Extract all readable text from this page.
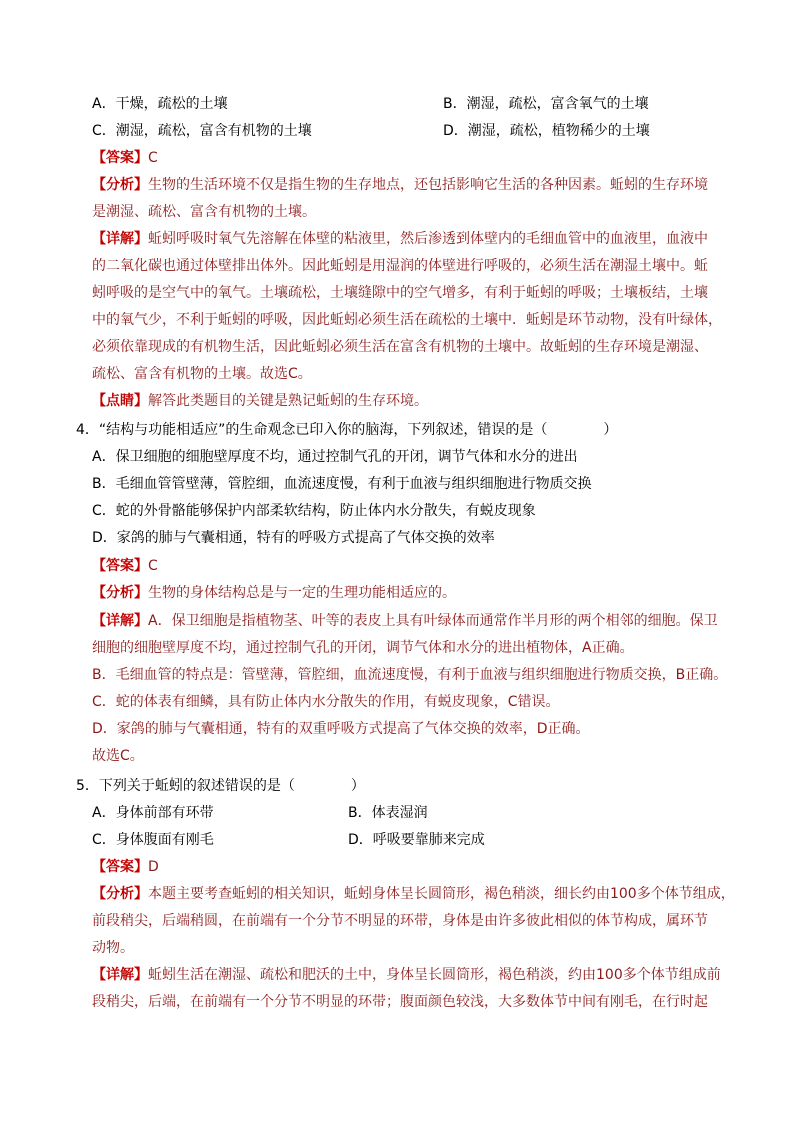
A．干燥，疏松的土壤	B．潮湿，疏松，富含氧气的土壤
C．潮湿，疏松，富含有机物的土壤	D．潮湿，疏松，植物稀少的土壤
【答案】C
【分析】生物的生活环境不仅是指生物的生存地点，还包括影响它生活的各种因素。蚯蚓的生存环境
是潮湿、疏松、富含有机物的土壤。
【详解】蚯蚓呼吸时氧气先溶解在体壁的粘液里，然后渗透到体壁内的毛细血管中的血液里，血液中
的二氧化碳也通过体壁排出体外。因此蚯蚓是用湿润的体壁进行呼吸的，必须生活在潮湿土壤中。蚯
蚓呼吸的是空气中的氧气。土壤疏松，土壤缝隙中的空气增多，有利于蚯蚓的呼吸；土壤板结，土壤
中的氧气少，不利于蚯蚓的呼吸，因此蚯蚓必须生活在疏松的土壤中．蚯蚓是环节动物，没有叶绿体，
必须依靠现成的有机物生活，因此蚯蚓必须生活在富含有机物的土壤中。故蚯蚓的生存环境是潮湿、
疏松、富含有机物的土壤。故选C。
【点睛】解答此类题目的关键是熟记蚯蚓的生存环境。
4．“结构与功能相适应”的生命观念已印入你的脑海，下列叙述，错误的是（　　　　）
A．保卫细胞的细胞壁厚度不均，通过控制气孔的开闭，调节气体和水分的进出
B．毛细血管管壁薄，管腔细，血流速度慢，有利于血液与组织细胞进行物质交换
C．蛇的外骨骼能够保护内部柔软结构，防止体内水分散失，有蜕皮现象
D．家鸽的肺与气囊相通，特有的呼吸方式提高了气体交换的效率
【答案】C
【分析】生物的身体结构总是与一定的生理功能相适应的。
【详解】A．保卫细胞是指植物茎、叶等的表皮上具有叶绿体而通常作半月形的两个相邻的细胞。保卫
细胞的细胞壁厚度不均，通过控制气孔的开闭，调节气体和水分的进出植物体，A正确。
B．毛细血管的特点是：管壁薄，管腔细，血流速度慢，有利于血液与组织细胞进行物质交换，B正确。
C．蛇的体表有细鳞，具有防止体内水分散失的作用，有蜕皮现象，C错误。
D．家鸽的肺与气囊相通，特有的双重呼吸方式提高了气体交换的效率，D正确。
故选C。
5．下列关于蚯蚓的叙述错误的是（　　　　）
A．身体前部有环带	B．体表湿润
C．身体腹面有刚毛	D．呼吸要靠肺来完成
【答案】D
【分析】本题主要考查蚯蚓的相关知识，蚯蚓身体呈长圆筒形，褐色稍淡，细长约由100多个体节组成，
前段稍尖，后端稍圆，在前端有一个分节不明显的环带，身体是由许多彼此相似的体节构成，属环节
动物。
【详解】蚯蚓生活在潮湿、疏松和肥沃的土中，身体呈长圆筒形，褐色稍淡，约由100多个体节组成前
段稍尖，后端，在前端有一个分节不明显的环带；腹面颜色较浅，大多数体节中间有刚毛，在行时起
